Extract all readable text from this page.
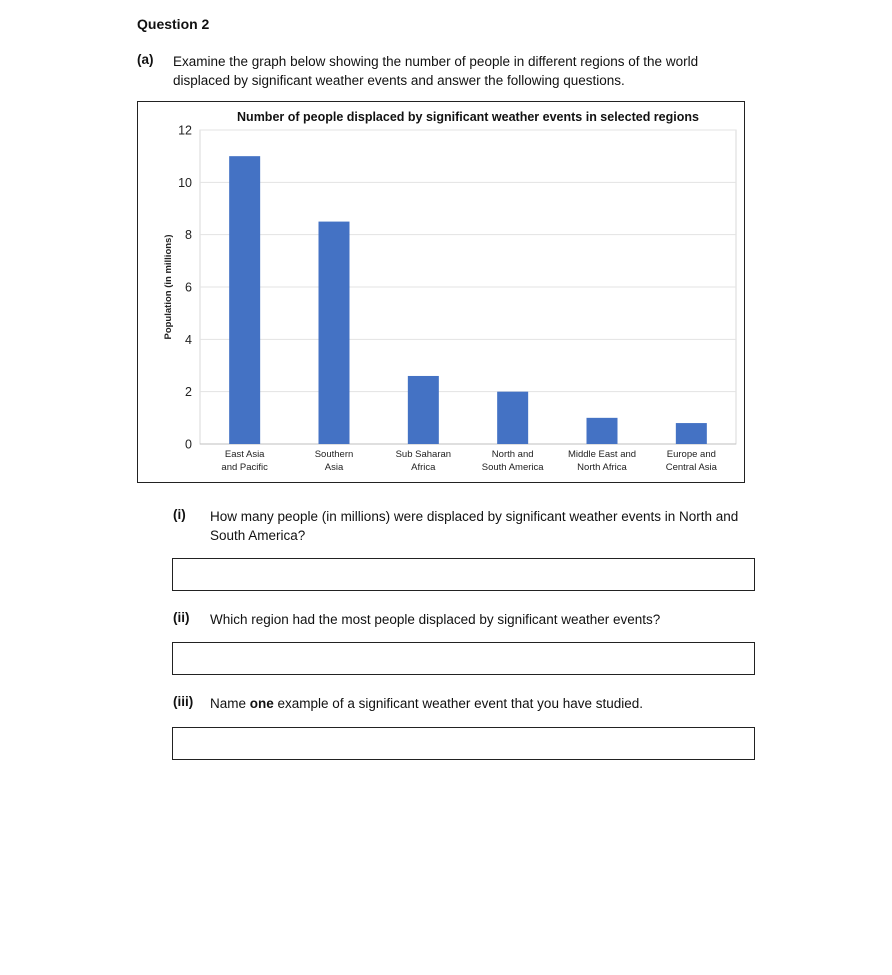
Question 2
(a) Examine the graph below showing the number of people in different regions of the world displaced by significant weather events and answer the following questions.
0
2
4
6
8
10
12
East Asia
and Pacific
Southern
Asia
Sub Saharan
Africa
North and
South America
Middle East and
North Africa
Europe and
Central Asia
Number of people displaced by significant weather events in selected regions
Population (in millions)
(i) How many people (in millions) were displaced by significant weather events in North and South America?
(ii) Which region had the most people displaced by significant weather events?
(iii) Name one example of a significant weather event that you have studied.
